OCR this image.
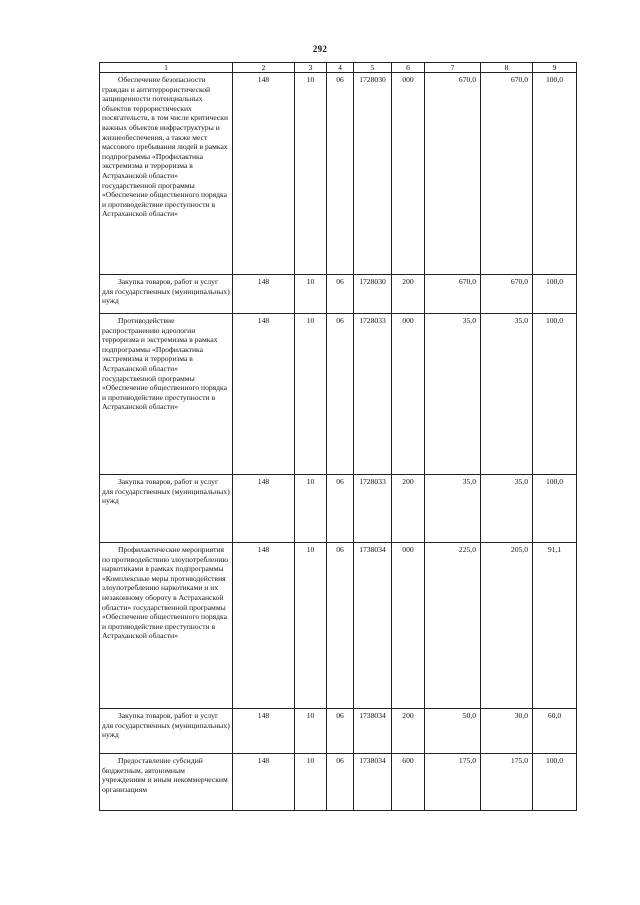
292
1	2	3	4	5	6	7	8	9

Обеспечение безопасности граждан и антитеррористической защищенности потенциальных объектов террористических посягательств, в том числе критически важных объектов инфраструктуры и жизнеобеспечения, а также мест массового пребывания людей в рамках подпрограммы «Профилактика экстремизма и терроризма в Астраханской области» государственной программы «Обеспечение общественного порядка и противодействие преступности в Астраханской области»	148	10	06	1728030	000	670,0	670,0	100,0

Закупка товаров, работ и услуг для государственных (муниципальных) нужд	148	10	06	1728030	200	670,0	670,0	100,0

Противодействие распространению идеологии терроризма и экстремизма в рамках подпрограммы «Профилактика экстремизма и терроризма в Астраханской области» государственной программы «Обеспечение общественного порядка и противодействие преступности в Астраханской области»	148	10	06	1728033	000	35,0	35,0	100,0

Закупка товаров, работ и услуг для государственных (муниципальных) нужд	148	10	06	1728033	200	35,0	35,0	100,0

Профилактические мероприятия по противодействию злоупотреблению наркотиками в рамках подпрограммы «Комплексные меры противодействия злоупотреблению наркотиками и их незаконному обороту в Астраханской области» государственной программы «Обеспечение общественного порядка и противодействие преступности в Астраханской области»	148	10	06	1738034	000	225,0	205,0	91,1

Закупка товаров, работ и услуг для государственных (муниципальных) нужд	148	10	06	1738034	200	50,0	30,0	60,0

Предоставление субсидий бюджетным, автономным учреждениям и иным некоммерческим организациям	148	10	06	1738034	600	175,0	175,0	100,0
